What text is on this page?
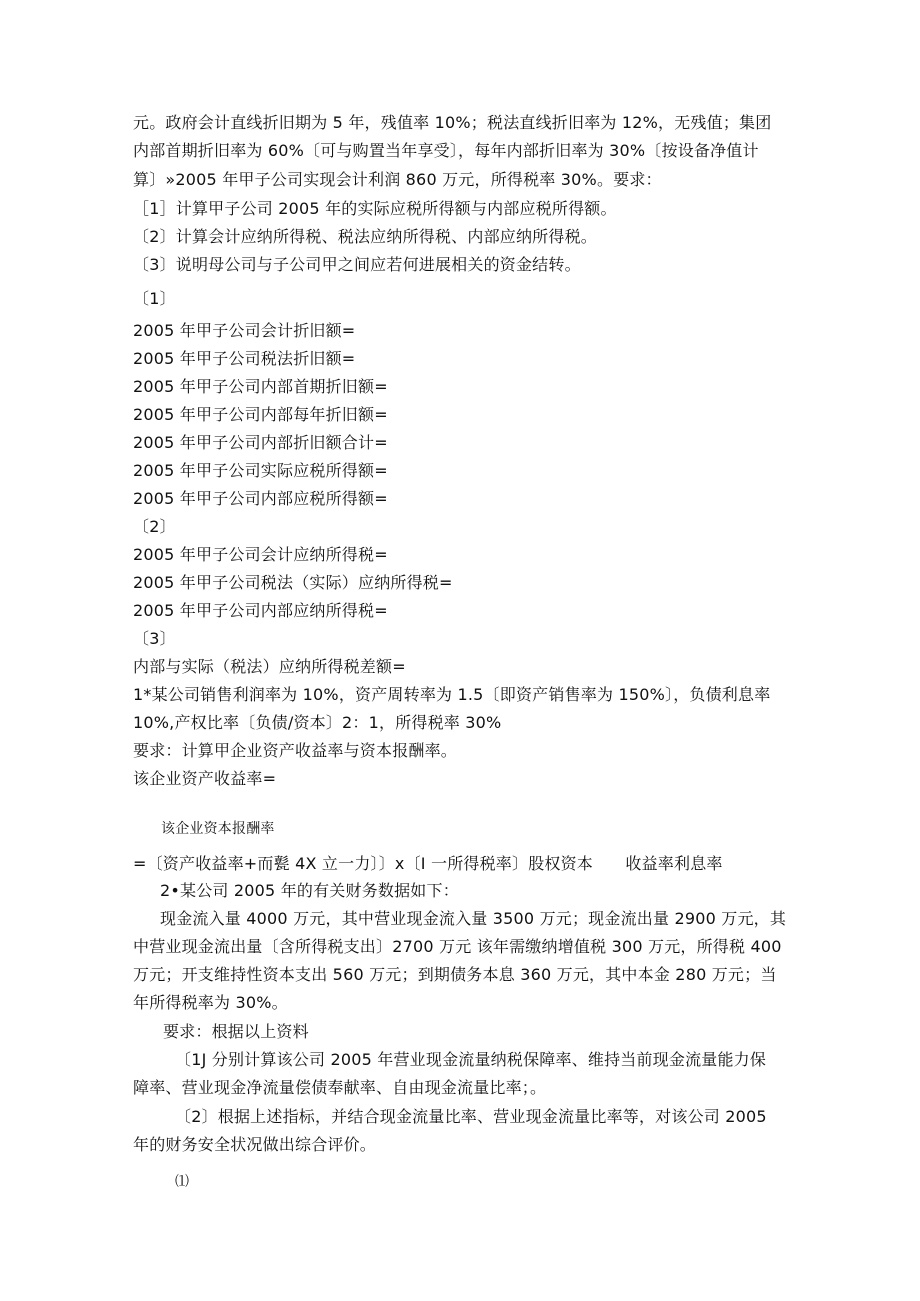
元。政府会计直线折旧期为 5 年，残值率 10%；税法直线折旧率为 12%，无残值；集团
内部首期折旧率为 60%〔可与购置当年享受〕，每年内部折旧率为 30%〔按设备净值计
算〕»2005 年甲子公司实现会计利润 860 万元，所得税率 30%。要求：
［1］计算甲子公司 2005 年的实际应税所得额与内部应税所得额。
〔2〕计算会计应纳所得税、税法应纳所得税、内部应纳所得税。
〔3〕说明母公司与子公司甲之间应若何进展相关的资金结转。
〔1〕
2005 年甲子公司会计折旧额=
2005 年甲子公司税法折旧额=
2005 年甲子公司内部首期折旧额=
2005 年甲子公司内部每年折旧额=
2005 年甲子公司内部折旧额合计=
2005 年甲子公司实际应税所得额=
2005 年甲子公司内部应税所得额=
〔2〕
2005 年甲子公司会计应纳所得税=
2005 年甲子公司税法（实际）应纳所得税=
2005 年甲子公司内部应纳所得税=
〔3〕
内部与实际（税法）应纳所得税差额=
1*某公司销售利润率为 10%，资产周转率为 1.5〔即资产销售率为 150%〕，负债利息率
10%,产权比率〔负债/资本〕2：1，所得税率 30%
要求：计算甲企业资产收益率与资本报酬率。
该企业资产收益率=
该企业资本报酬率
=〔资产收益率+而甏 4X 立一力〕〕x〔I 一所得税率〕股权资本　　收益率利息率
2•某公司 2005 年的有关财务数据如下：
现金流入量 4000 万元，其中营业现金流入量 3500 万元；现金流出量 2900 万元，其
中营业现金流出量〔含所得税支出〕2700 万元 该年需缴纳增值税 300 万元，所得税 400
万元；开支维持性资本支出 560 万元；到期债务本息 360 万元，其中本金 280 万元；当
年所得税率为 30%。
要求：根据以上资料
〔1J 分别计算该公司 2005 年营业现金流量纳税保障率、维持当前现金流量能力保
障率、营业现金净流量偿债奉献率、自由现金流量比率；。
〔2〕根据上述指标，并结合现金流量比率、营业现金流量比率等，对该公司 2005
年的财务安全状况做出综合评价。
⑴
